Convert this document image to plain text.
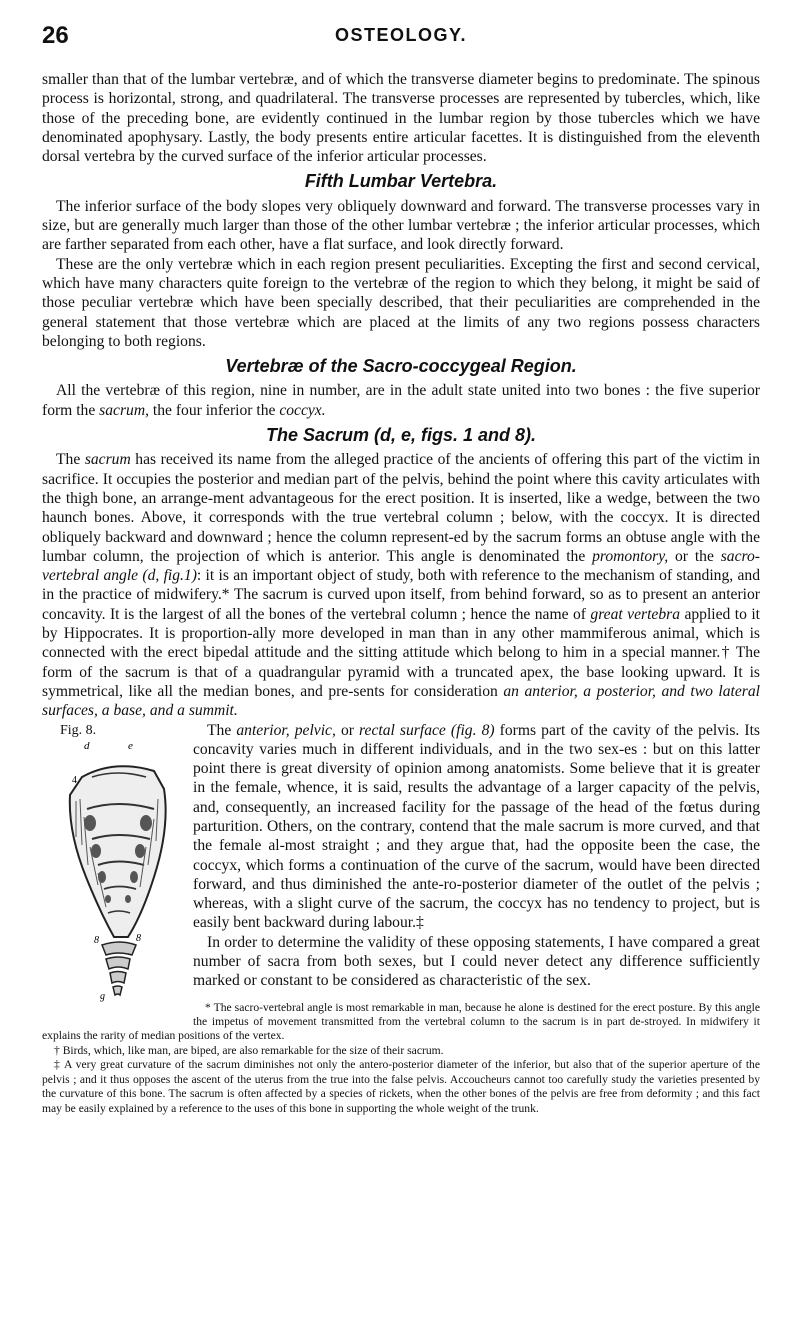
26	OSTEOLOGY.

smaller than that of the lumbar vertebræ, and of which the transverse diameter begins to predominate. The spinous process is horizontal, strong, and quadrilateral. The transverse processes are represented by tubercles, which, like those of the preceding bone, are evidently continued in the lumbar region by those tubercles which we have denominated apophysary. Lastly, the body presents entire articular facettes. It is distinguished from the eleventh dorsal vertebra by the curved surface of the inferior articular processes.

Fifth Lumbar Vertebra.

The inferior surface of the body slopes very obliquely downward and forward. The transverse processes vary in size, but are generally much larger than those of the other lumbar vertebræ ; the inferior articular processes, which are farther separated from each other, have a flat surface, and look directly forward.

These are the only vertebræ which in each region present peculiarities. Excepting the first and second cervical, which have many characters quite foreign to the vertebræ of the region to which they belong, it might be said of those peculiar vertebræ which have been specially described, that their peculiarities are comprehended in the general statement that those vertebræ which are placed at the limits of any two regions possess characters belonging to both regions.

Vertebræ of the Sacro-coccygeal Region.

All the vertebræ of this region, nine in number, are in the adult state united into two bones : the five superior form the sacrum, the four inferior the coccyx.

The Sacrum (d, e, figs. 1 and 8).

The sacrum has received its name from the alleged practice of the ancients of offering this part of the victim in sacrifice. It occupies the posterior and median part of the pelvis, behind the point where this cavity articulates with the thigh bone, an arrange-ment advantageous for the erect position. It is inserted, like a wedge, between the two haunch bones. Above, it corresponds with the true vertebral column ; below, with the coccyx. It is directed obliquely backward and downward ; hence the column represent-ed by the sacrum forms an obtuse angle with the lumbar column, the projection of which is anterior. This angle is denominated the promontory, or the sacro-vertebral angle (d, fig.1): it is an important object of study, both with reference to the mechanism of standing, and in the practice of midwifery.* The sacrum is curved upon itself, from behind forward, so as to present an anterior concavity. It is the largest of all the bones of the vertebral column ; hence the name of great vertebra applied to it by Hippocrates. It is proportion-ally more developed in man than in any other mammiferous animal, which is connected with the erect bipedal attitude and the sitting attitude which belong to him in a special manner.† The form of the sacrum is that of a quadrangular pyramid with a truncated apex, the base looking upward. It is symmetrical, like all the median bones, and pre-sents for consideration an anterior, a posterior, and two lateral surfaces, a base, and a summit.

Fig. 8.
d	e
4
8	8
g

The anterior, pelvic, or rectal surface (fig. 8) forms part of the cavity of the pelvis. Its concavity varies much in different individuals, and in the two sex-es : but on this latter point there is great diversity of opinion among anatomists. Some believe that it is greater in the female, whence, it is said, results the advantage of a larger capacity of the pelvis, and, consequently, an increased facility for the passage of the head of the fœtus during parturition. Others, on the contrary, contend that the male sacrum is more curved, and that the female al-most straight ; and they argue that, had the opposite been the case, the coccyx, which forms a continuation of the curve of the sacrum, would have been directed forward, and thus diminished the ante-ro-posterior diameter of the outlet of the pelvis ; whereas, with a slight curve of the sacrum, the coccyx has no tendency to project, but is easily bent backward during labour.‡

In order to determine the validity of these opposing statements, I have compared a great number of sacra from both sexes, but I could never detect any difference sufficiently marked or constant to be considered as characteristic of the sex.

* The sacro-vertebral angle is most remarkable in man, because he alone is destined for the erect posture. By this angle the impetus of movement transmitted from the vertebral column to the sacrum is in part de-stroyed. In midwifery it explains the rarity of median positions of the vertex.

† Birds, which, like man, are biped, are also remarkable for the size of their sacrum.

‡ A very great curvature of the sacrum diminishes not only the antero-posterior diameter of the inferior, but also that of the superior aperture of the pelvis ; and it thus opposes the ascent of the uterus from the true into the false pelvis. Accoucheurs cannot too carefully study the varieties presented by the curvature of this bone. The sacrum is often affected by a species of rickets, when the other bones of the pelvis are free from deformity ; and this fact may be easily explained by a reference to the uses of this bone in supporting the whole weight of the trunk.
